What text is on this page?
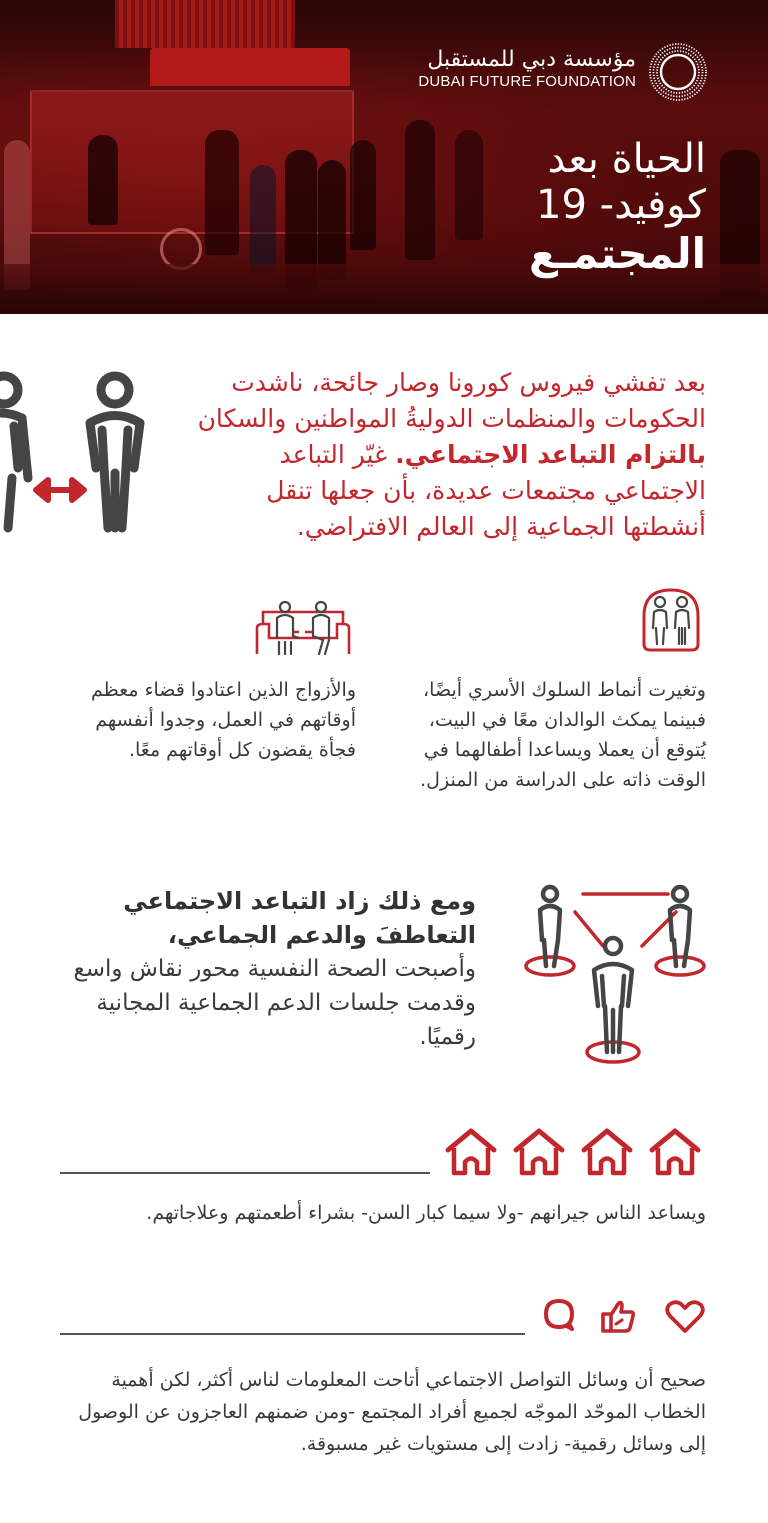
مؤسسة دبي للمستقبل
DUBAI FUTURE FOUNDATION
الحياة بعد
كوفيد- 19
المجتمـع
بعد تفشي فيروس كورونا وصار جائحة، ناشدت الحكومات والمنظمات الدوليةُ المواطنين والسكان بالتزام التباعد الاجتماعي. غيّر التباعد الاجتماعي مجتمعات عديدة، بأن جعلها تنقل أنشطتها الجماعية إلى العالم الافتراضي.
وتغيرت أنماط السلوك الأسري أيضًا، فبينما يمكث الوالدان معًا في البيت، يُتوقع أن يعملا ويساعدا أطفالهما في الوقت ذاته على الدراسة من المنزل.
والأزواج الذين اعتادوا قضاء معظم أوقاتهم في العمل، وجدوا أنفسهم فجأة يقضون كل أوقاتهم معًا.
ومع ذلك زاد التباعد الاجتماعي التعاطفَ والدعم الجماعي،
وأصبحت الصحة النفسية محور نقاش واسع وقدمت جلسات الدعم الجماعية المجانية رقميًا.
ويساعد الناس جيرانهم -ولا سيما كبار السن- بشراء أطعمتهم وعلاجاتهم.
صحيح أن وسائل التواصل الاجتماعي أتاحت المعلومات لناس أكثر، لكن أهمية الخطاب الموحّد الموجّه لجميع أفراد المجتمع -ومن ضمنهم العاجزون عن الوصول إلى وسائل رقمية- زادت إلى مستويات غير مسبوقة.
